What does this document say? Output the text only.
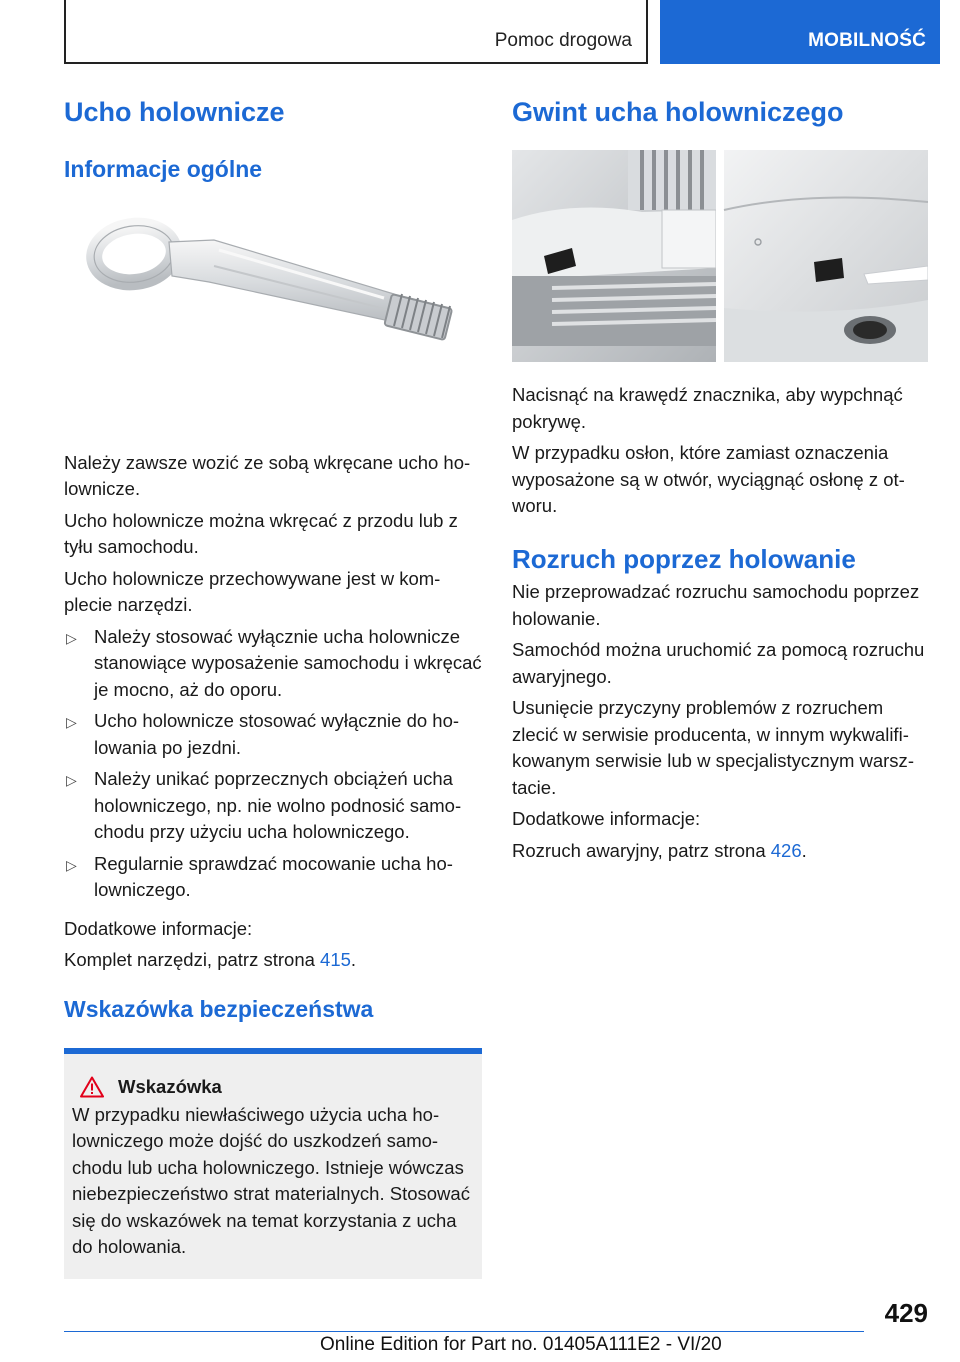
Pomoc drogowa	MOBILNOŚĆ
Ucho holownicze
Informacje ogólne

Należy zawsze wozić ze sobą wkręcane ucho holownicze.

Ucho holownicze można wkręcać z przodu lub z tyłu samochodu.

Ucho holownicze przechowywane jest w komplecie narzędzi.

▷ Należy stosować wyłącznie ucha holownicze stanowiące wyposażenie samochodu i wkręcać je mocno, aż do oporu.
▷ Ucho holownicze stosować wyłącznie do holowania po jezdni.
▷ Należy unikać poprzecznych obciążeń ucha holowniczego, np. nie wolno podnosić samochodu przy użyciu ucha holowniczego.
▷ Regularnie sprawdzać mocowanie ucha holowniczego.

Dodatkowe informacje:

Komplet narzędzi, patrz strona 415.

Wskazówka bezpieczeństwa
Wskazówka

W przypadku niewłaściwego użycia ucha holowniczego może dojść do uszkodzeń samochodu lub ucha holowniczego. Istnieje wówczas niebezpieczeństwo strat materialnych. Stosować się do wskazówek na temat korzystania z ucha do holowania.

Gwint ucha holowniczego

Nacisnąć na krawędź znacznika, aby wypchnąć pokrywę.

W przypadku osłon, które zamiast oznaczenia wyposażone są w otwór, wyciągnąć osłonę z otworu.

Rozruch poprzez holowanie

Nie przeprowadzać rozruchu samochodu poprzez holowanie.

Samochód można uruchomić za pomocą rozruchu awaryjnego.

Usunięcie przyczyny problemów z rozruchem zlecić w serwisie producenta, w innym wykwalifikowanym serwisie lub w specjalistycznym warsztacie.

Dodatkowe informacje:

Rozruch awaryjny, patrz strona 426.

429
Online Edition for Part no. 01405A111E2 - VI/20
